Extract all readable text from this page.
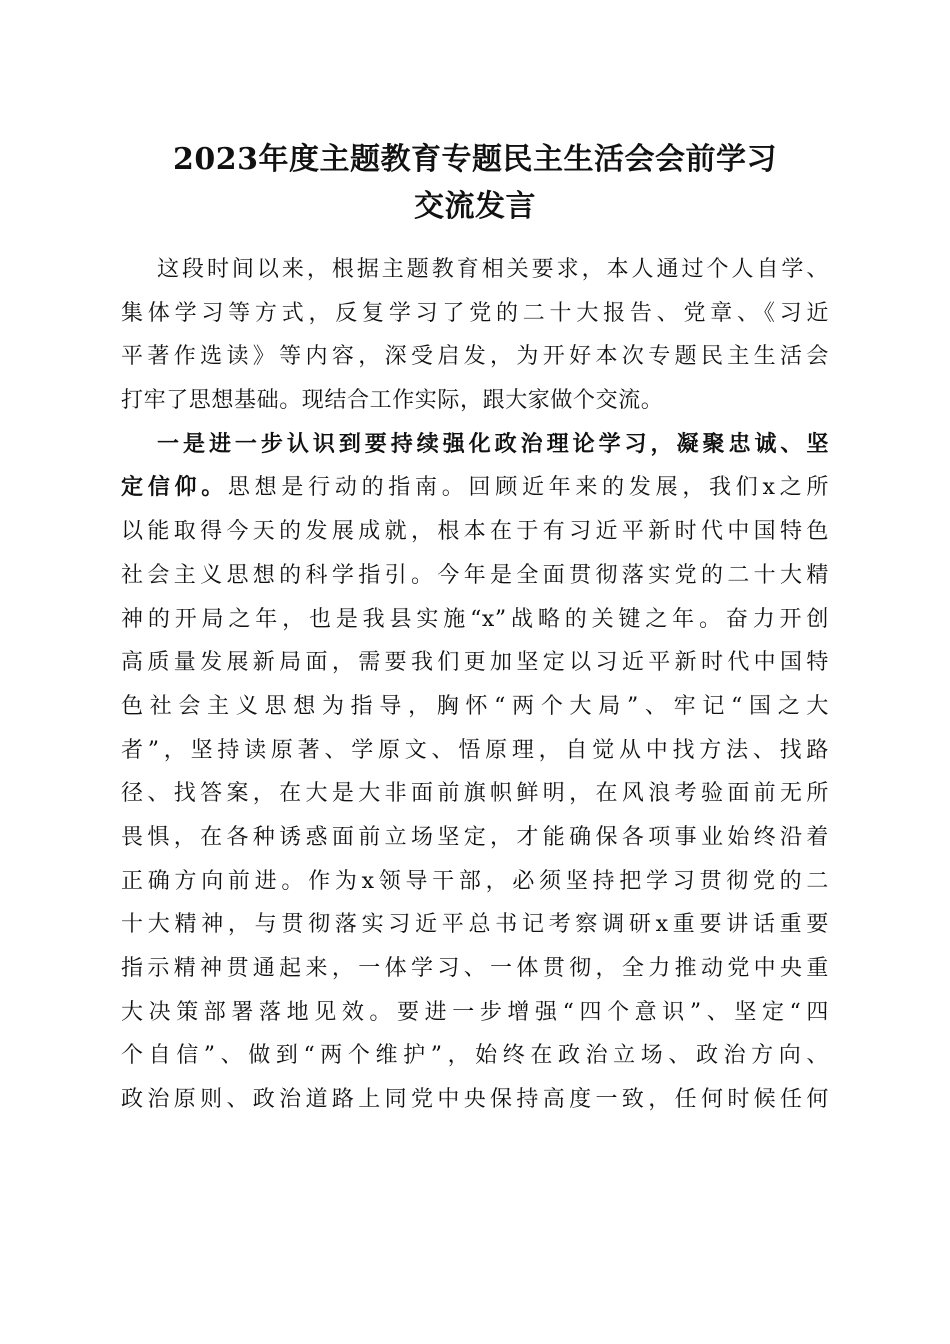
2023年度主题教育专题民主生活会会前学习
交流发言
这段时间以来，根据主题教育相关要求，本人通过个人自学、
集体学习等方式，反复学习了党的二十大报告、党章、《习近
平著作选读》等内容，深受启发，为开好本次专题民主生活会
打牢了思想基础。现结合工作实际，跟大家做个交流。
一是进一步认识到要持续强化政治理论学习，凝聚忠诚、坚
定信仰。思想是行动的指南。回顾近年来的发展，我们x之所
以能取得今天的发展成就，根本在于有习近平新时代中国特色
社会主义思想的科学指引。今年是全面贯彻落实党的二十大精
神的开局之年，也是我县实施“x”战略的关键之年。奋力开创
高质量发展新局面，需要我们更加坚定以习近平新时代中国特
色社会主义思想为指导，胸怀“两个大局”、牢记“国之大
者”，坚持读原著、学原文、悟原理，自觉从中找方法、找路
径、找答案，在大是大非面前旗帜鲜明，在风浪考验面前无所
畏惧，在各种诱惑面前立场坚定，才能确保各项事业始终沿着
正确方向前进。作为x领导干部，必须坚持把学习贯彻党的二
十大精神，与贯彻落实习近平总书记考察调研x重要讲话重要
指示精神贯通起来，一体学习、一体贯彻，全力推动党中央重
大决策部署落地见效。要进一步增强“四个意识”、坚定“四
个自信”、做到“两个维护”，始终在政治立场、政治方向、
政治原则、政治道路上同党中央保持高度一致，任何时候任何
